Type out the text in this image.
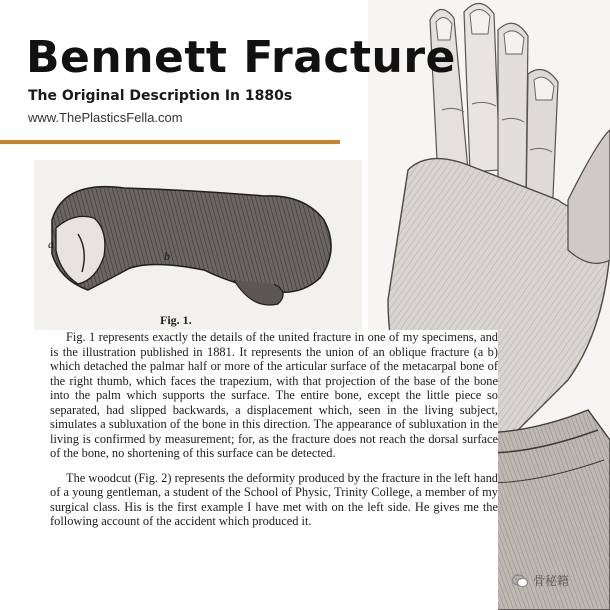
Bennett Fracture

The Original Description In 1880s

www.ThePlasticsFella.com

a
b
Fig. 1.

Fig. 1 represents exactly the details of the united fracture in one of my specimens, and is the illustration published in 1881. It represents the union of an oblique fracture (a b) which detached the palmar half or more of the articular surface of the metacarpal bone of the right thumb, which faces the trapezium, with that projection of the base of the bone into the palm which supports the surface. The entire bone, except the little piece so separated, had slipped backwards, a displacement which, seen in the living subject, simulates a subluxation of the bone in this direction. The appearance of subluxation in the living is confirmed by measurement; for, as the fracture does not reach the dorsal surface of the bone, no shortening of this surface can be detected.

The woodcut (Fig. 2) represents the deformity produced by the fracture in the left hand of a young gentleman, a student of the School of Physic, Trinity College, a member of my surgical class. His is the first example I have met with on the left side. He gives me the following account of the accident which produced it.

骨秘籍
